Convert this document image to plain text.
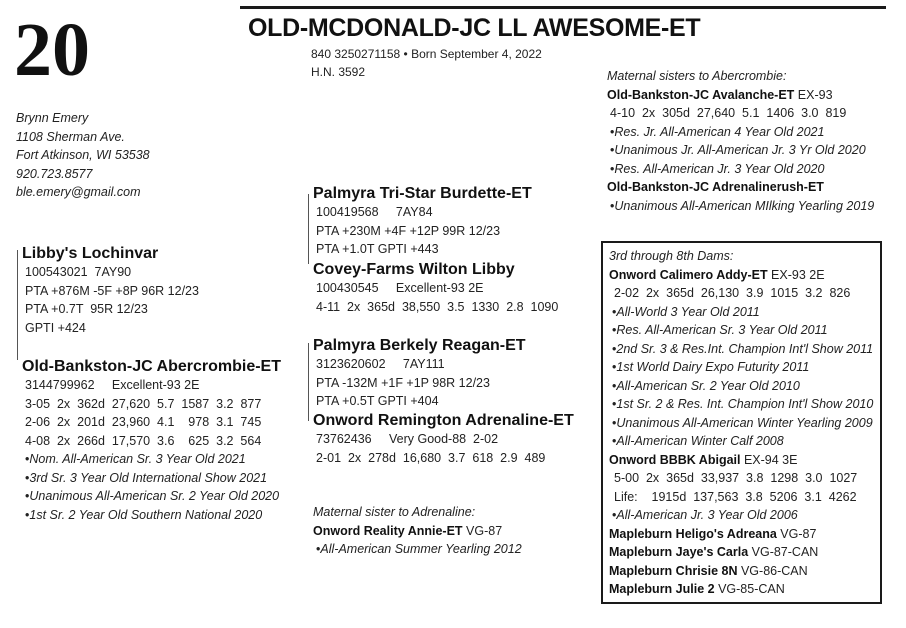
20	OLD-MCDONALD-JC LL AWESOME-ET
840 3250271158 • Born September 4, 2022
H.N. 3592
Brynn Emery
1108 Sherman Ave.
Fort Atkinson, WI 53538
920.723.8577
ble.emery@gmail.com	Palmyra Tri-Star Burdette-ET
100419568     7AY84
PTA +230M +4F +12P 99R 12/23
PTA +1.0T GPTI +443
Libby's Lochinvar
100543021  7AY90
PTA +876M -5F +8P 96R 12/23
PTA +0.7T  95R 12/23
GPTI +424
Covey-Farms Wilton Libby
100430545     Excellent-93 2E
4-11  2x  365d  38,550  3.5  1330  2.8  1090
Palmyra Berkely Reagan-ET
3123620602     7AY111
PTA -132M +1F +1P 98R 12/23
PTA +0.5T GPTI +404
Old-Bankston-JC Abercrombie-ET
3144799962     Excellent-93 2E
3-05  2x  362d  27,620  5.7  1587  3.2  877
2-06  2x  201d  23,960  4.1    978  3.1  745
4-08  2x  266d  17,570  3.6    625  3.2  564
• Nom. All-American Sr. 3 Year Old 2021
• 3rd Sr. 3 Year Old International Show 2021
• Unanimous All-American Sr. 2 Year Old 2020
• 1st Sr. 2 Year Old Southern National 2020
Onword Remington Adrenaline-ET
73762436     Very Good-88  2-02
2-01  2x  278d  16,680  3.7  618  2.9  489
Maternal sister to Adrenaline:
Onword Reality Annie-ET VG-87
• All-American Summer Yearling 2012
Maternal sisters to Abercrombie:
Old-Bankston-JC Avalanche-ET EX-93
4-10  2x  305d  27,640  5.1  1406  3.0  819
• Res. Jr. All-American 4 Year Old 2021
• Unanimous Jr. All-American Jr. 3 Yr Old 2020
• Res. All-American Jr. 3 Year Old 2020
Old-Bankston-JC Adrenalinerush-ET
• Unanimous All-American MIlking Yearling 2019
3rd through 8th Dams:
Onword Calimero Addy-ET EX-93 2E
2-02  2x  365d  26,130  3.9  1015  3.2  826
• All-World 3 Year Old 2011
• Res. All-American Sr. 3 Year Old 2011
• 2nd Sr. 3 & Res.Int. Champion Int'l Show 2011
• 1st World Dairy Expo Futurity 2011
• All-American Sr. 2 Year Old 2010
• 1st Sr. 2 & Res. Int. Champion Int'l Show 2010
• Unanimous All-American Winter Yearling 2009
• All-American Winter Calf 2008
Onword BBBK Abigail EX-94 3E
5-00  2x  365d  33,937  3.8  1298  3.0  1027
Life:    1915d  137,563  3.8  5206  3.1  4262
• All-American Jr. 3 Year Old 2006
Mapleburn Heligo's Adreana VG-87
Mapleburn Jaye's Carla VG-87-CAN
Mapleburn Chrisie 8N VG-86-CAN
Mapleburn Julie 2 VG-85-CAN
